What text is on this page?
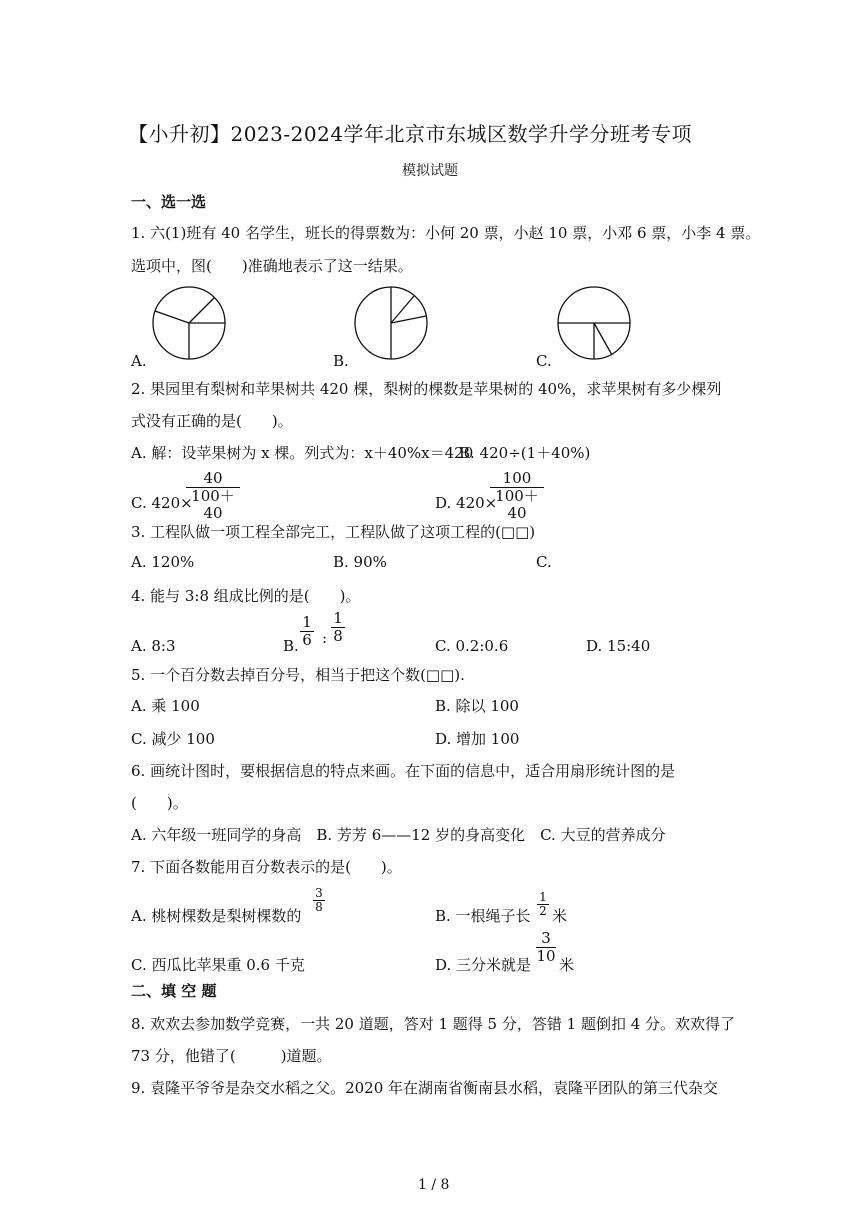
【小升初】2023-2024学年北京市东城区数学升学分班考专项
模拟试题
一、选一选
1. 六(1)班有 40 名学生，班长的得票数为：小何 20 票，小赵 10 票，小邓 6 票，小李 4 票。
选项中，图(　　)准确地表示了这一结果。
A.	B.	C.
2. 果园里有梨树和苹果树共 420 棵，梨树的棵数是苹果树的 40%，求苹果树有多少棵列
式没有正确的是(　　)。
A. 解：设苹果树为 x 棵。列式为：x＋40%x＝420
B. 420÷(1＋40%)
C. 420×
40
100＋40
D. 420×
100
100＋40
3. 工程队做一项工程全部完工，工程队做了这项工程的(□□)
A. 120%	B. 90%	C.
4. 能与 3:8 组成比例的是(　　)。
A. 8:3	B.
1
6 :
1
8
C. 0.2:0.6	D. 15:40
5. 一个百分数去掉百分号，相当于把这个数(□□).
A. 乘 100	B. 除以 100
C. 减少 100	D. 增加 100
6. 画统计图时，要根据信息的特点来画。在下面的信息中，适合用扇形统计图的是
(　　)。
A. 六年级一班同学的身高　B. 芳芳 6——12 岁的身高变化　C. 大豆的营养成分
7. 下面各数能用百分数表示的是(　　)。
A. 桃树棵数是梨树棵数的
3
8	B. 一根绳子长
1
2 米
C. 西瓜比苹果重 0.6 千克	D. 三分米就是
3
10 米
二、填 空 题
8. 欢欢去参加数学竞赛，一共 20 道题，答对 1 题得 5 分，答错 1 题倒扣 4 分。欢欢得了
73 分，他错了(　　　)道题。
9. 袁隆平爷爷是杂交水稻之父。2020 年在湖南省衡南县水稻，袁隆平团队的第三代杂交
1 / 8
